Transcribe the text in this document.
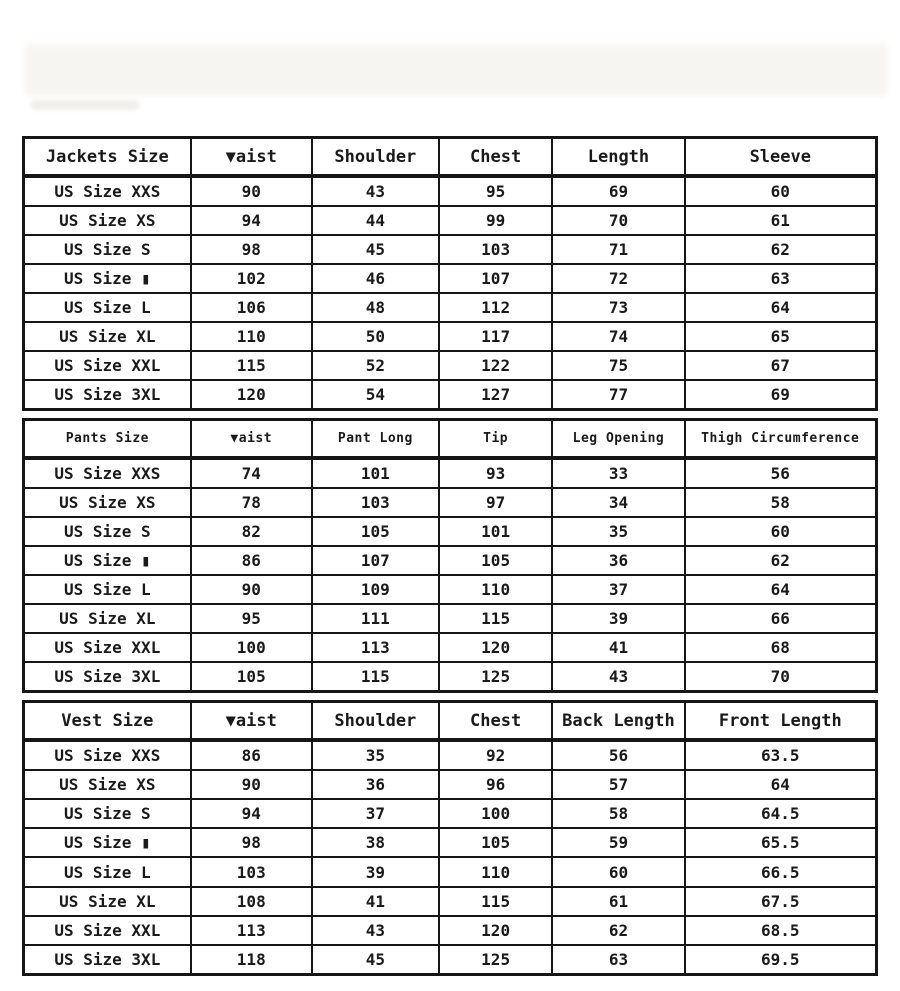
Jackets Size	▼aist	Shoulder	Chest	Length	Sleeve
US Size XXS	90	43	95	69	60
US Size XS	94	44	99	70	61
US Size S	98	45	103	71	62
US Size ▮	102	46	107	72	63
US Size L	106	48	112	73	64
US Size XL	110	50	117	74	65
US Size XXL	115	52	122	75	67
US Size 3XL	120	54	127	77	69
Pants Size	▼aist	Pant Long	Tip	Leg Opening	Thigh Circumference
US Size XXS	74	101	93	33	56
US Size XS	78	103	97	34	58
US Size S	82	105	101	35	60
US Size ▮	86	107	105	36	62
US Size L	90	109	110	37	64
US Size XL	95	111	115	39	66
US Size XXL	100	113	120	41	68
US Size 3XL	105	115	125	43	70
Vest Size	▼aist	Shoulder	Chest	Back Length	Front Length
US Size XXS	86	35	92	56	63.5
US Size XS	90	36	96	57	64
US Size S	94	37	100	58	64.5
US Size ▮	98	38	105	59	65.5
US Size L	103	39	110	60	66.5
US Size XL	108	41	115	61	67.5
US Size XXL	113	43	120	62	68.5
US Size 3XL	118	45	125	63	69.5
